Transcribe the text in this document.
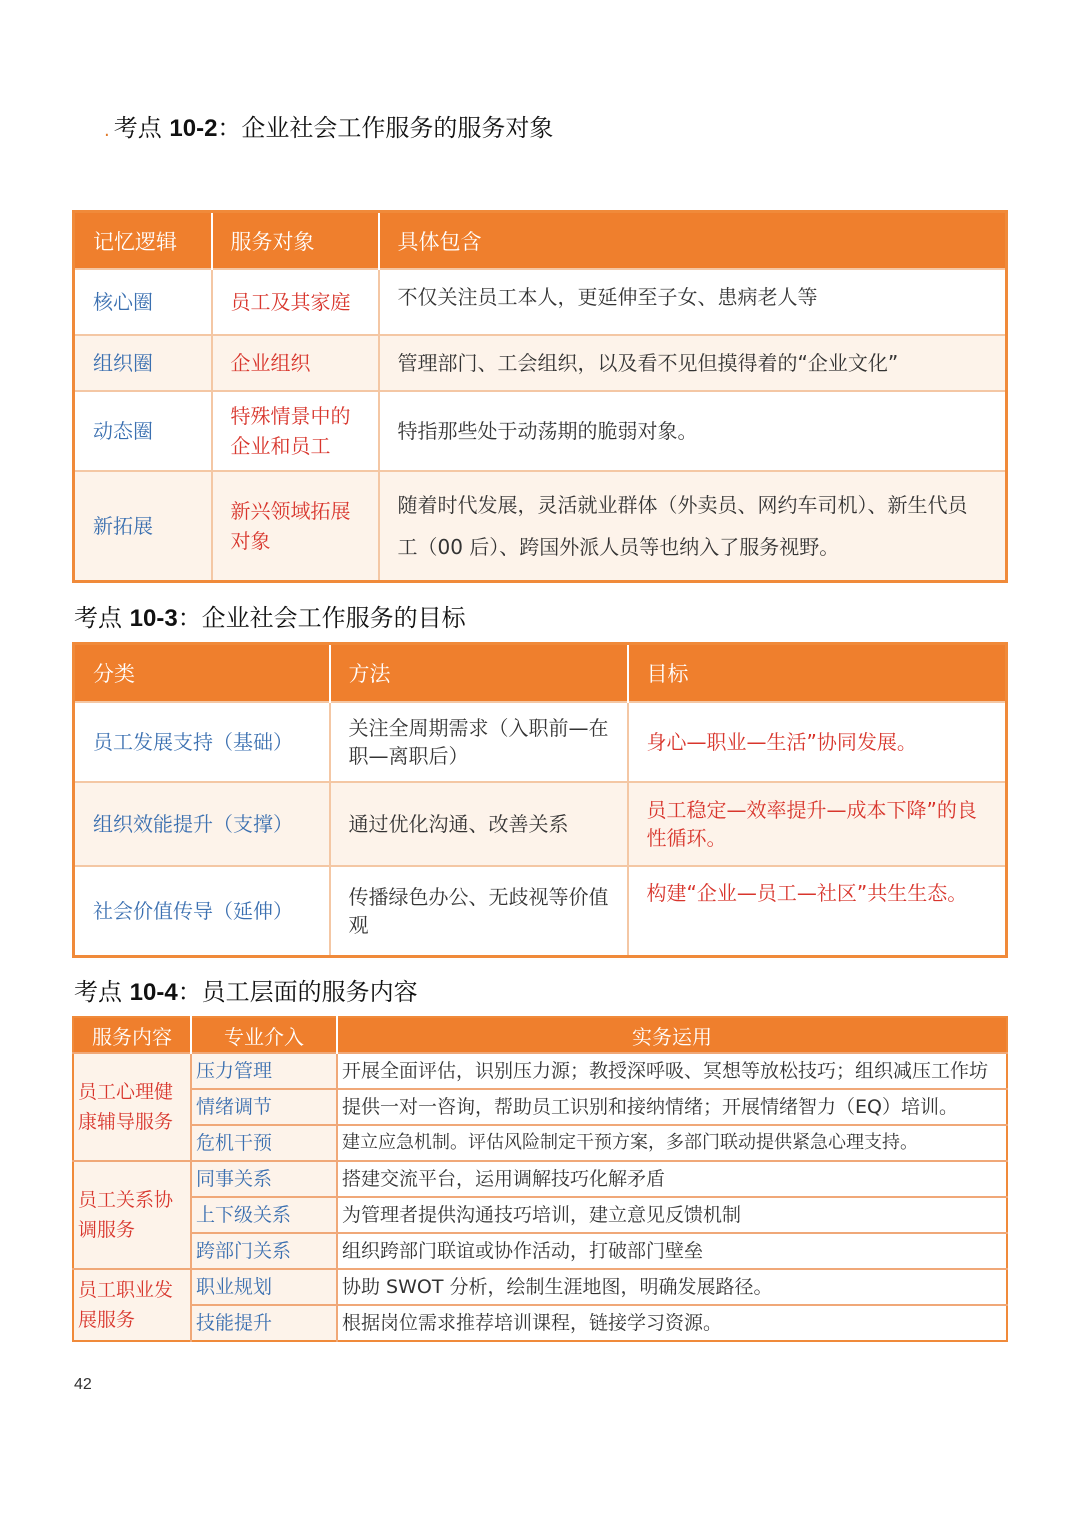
. 考点 10-2：企业社会工作服务的服务对象
记忆逻辑	服务对象	具体包含
核心圈	员工及其家庭	不仅关注员工本人，更延伸至子女、患病老人等
组织圈	企业组织	管理部门、工会组织，以及看不见但摸得着的“企业文化”
动态圈	特殊情景中的企业和员工	特指那些处于动荡期的脆弱对象。
新拓展	新兴领域拓展对象	随着时代发展，灵活就业群体（外卖员、网约车司机）、新生代员工（00 后）、跨国外派人员等也纳入了服务视野。
考点 10-3：企业社会工作服务的目标
分类	方法	目标
员工发展支持（基础）	关注全周期需求（入职前—在职—离职后）	身心—职业—生活”协同发展。
组织效能提升（支撑）	通过优化沟通、改善关系	员工稳定—效率提升—成本下降”的良性循环。
社会价值传导（延伸）	传播绿色办公、无歧视等价值观	构建“企业—员工—社区”共生生态。
考点 10-4：员工层面的服务内容
服务内容	专业介入	实务运用
员工心理健康辅导服务	压力管理	开展全面评估，识别压力源；教授深呼吸、冥想等放松技巧；组织减压工作坊
	情绪调节	提供一对一咨询，帮助员工识别和接纳情绪；开展情绪智力（EQ）培训。
	危机干预	建立应急机制。评估风险制定干预方案，多部门联动提供紧急心理支持。
员工关系协调服务	同事关系	搭建交流平台，运用调解技巧化解矛盾
	上下级关系	为管理者提供沟通技巧培训，建立意见反馈机制
	跨部门关系	组织跨部门联谊或协作活动，打破部门壁垒
员工职业发展服务	职业规划	协助 SWOT 分析，绘制生涯地图，明确发展路径。
	技能提升	根据岗位需求推荐培训课程，链接学习资源。
42
